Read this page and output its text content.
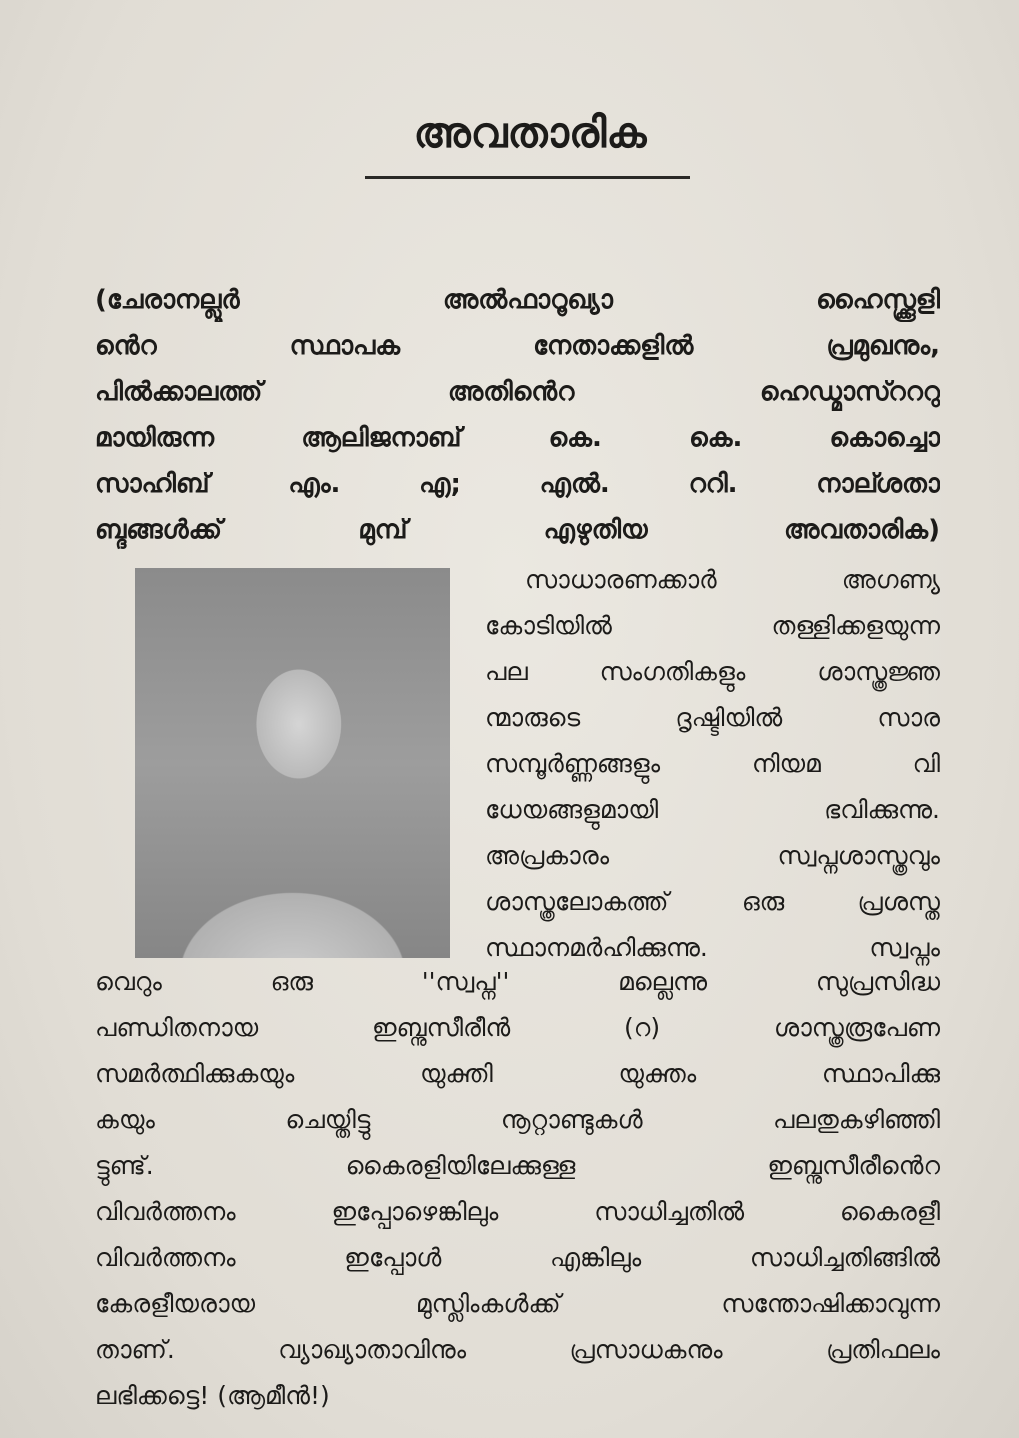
അവതാരിക
(ചേരാനല്ലൂർ അൽഫാറൂഖ്യാ ഹൈസ്ക്കൂളി
ൻെറ സ്ഥാപക നേതാക്കളിൽ പ്രമുഖനും,
പിൽക്കാലത്ത് അതിൻെറ ഹെഡ്മാസ്റററു
മായിരുന്ന ആലിജനാബ് കെ. കെ. കൊച്ചൊ
സാഹിബ് എം. എ; എൽ. ററി. നാല്ശതാ
ബ്ദങ്ങൾക്ക് മുമ്പ് എഴുതിയ അവതാരിക)
സാധാരണക്കാർ അഗണ്യ
കോടിയിൽ തള്ളിക്കളയുന്ന
പല സംഗതികളും ശാസ്ത്രജ്ഞ
ന്മാരുടെ ദൃഷ്ടിയിൽ സാര
സമ്പൂർണ്ണങ്ങളും നിയമ വി
ധേയങ്ങളുമായി ഭവിക്കുന്നു.
അപ്രകാരം സ്വപ്നശാസ്ത്രവും
ശാസ്ത്രലോകത്ത് ഒരു പ്രശസ്ത
സ്ഥാനമർഹിക്കുന്നു. സ്വപ്നം
വെറും ഒരു ''സ്വപ്ന'' മല്ലെന്നു സുപ്രസിദ്ധ
പണ്ഡിതനായ ഇബ്നുസീരീൻ (റ) ശാസ്ത്രരൂപേണ
സമർത്ഥിക്കുകയും യുക്തി യുക്തം സ്ഥാപിക്കു
കയും ചെയ്തിട്ടു നൂറ്റാണ്ടുകൾ പലതുകഴിഞ്ഞി
ട്ടുണ്ട്. കൈരളിയിലേക്കുള്ള ഇബ്നുസീരീൻെറ
വിവർത്തനം ഇപ്പോഴെങ്കിലും സാധിച്ചതിൽ കൈരളീ
വിവർത്തനം ഇപ്പോൾ എങ്കിലും സാധിച്ചതിങ്ങിൽ
കേരളീയരായ മുസ്ലിംകൾക്ക് സന്തോഷിക്കാവുന്ന
താണ്. വ്യാഖ്യാതാവിനും പ്രസാധകനും പ്രതിഫലം
ലഭിക്കട്ടെ! (ആമീൻ!)
